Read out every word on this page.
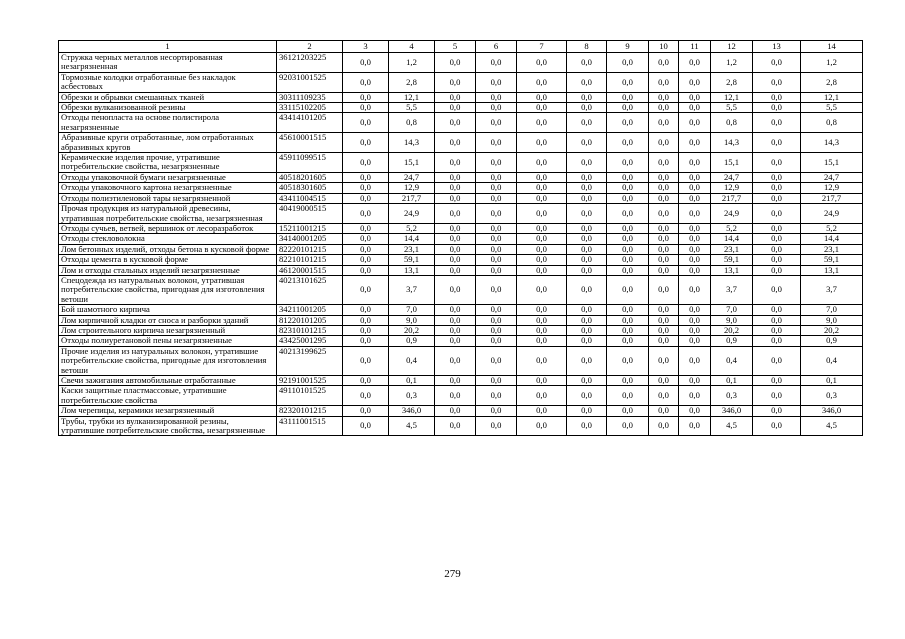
1	2	3	4	5	6	7	8	9	10	11	12	13	14
Стружка черных металлов несортированная незагрязненная	36121203225	0,0	1,2	0,0	0,0	0,0	0,0	0,0	0,0	0,0	1,2	0,0	1,2
Тормозные колодки отработанные без накладок асбестовых	92031001525	0,0	2,8	0,0	0,0	0,0	0,0	0,0	0,0	0,0	2,8	0,0	2,8
Обрезки и обрывки смешанных тканей	30311109235	0,0	12,1	0,0	0,0	0,0	0,0	0,0	0,0	0,0	12,1	0,0	12,1
Обрезки вулканизованной резины	33115102205	0,0	5,5	0,0	0,0	0,0	0,0	0,0	0,0	0,0	5,5	0,0	5,5
Отходы пенопласта на основе полистирола незагрязненные	43414101205	0,0	0,8	0,0	0,0	0,0	0,0	0,0	0,0	0,0	0,8	0,0	0,8
Абразивные круги отработанные, лом отработанных абразивных кругов	45610001515	0,0	14,3	0,0	0,0	0,0	0,0	0,0	0,0	0,0	14,3	0,0	14,3
Керамические изделия прочие, утратившие потребительские свойства, незагрязненные	45911099515	0,0	15,1	0,0	0,0	0,0	0,0	0,0	0,0	0,0	15,1	0,0	15,1
Отходы упаковочной бумаги незагрязненные	40518201605	0,0	24,7	0,0	0,0	0,0	0,0	0,0	0,0	0,0	24,7	0,0	24,7
Отходы упаковочного картона незагрязненные	40518301605	0,0	12,9	0,0	0,0	0,0	0,0	0,0	0,0	0,0	12,9	0,0	12,9
Отходы полиэтиленовой тары незагрязненной	43411004515	0,0	217,7	0,0	0,0	0,0	0,0	0,0	0,0	0,0	217,7	0,0	217,7
Прочая продукция из натуральной древесины, утратившая потребительские свойства, незагрязненная	40419000515	0,0	24,9	0,0	0,0	0,0	0,0	0,0	0,0	0,0	24,9	0,0	24,9
Отходы сучьев, ветвей, вершинок от лесоразработок	15211001215	0,0	5,2	0,0	0,0	0,0	0,0	0,0	0,0	0,0	5,2	0,0	5,2
Отходы стекловолокна	34140001205	0,0	14,4	0,0	0,0	0,0	0,0	0,0	0,0	0,0	14,4	0,0	14,4
Лом бетонных изделий, отходы бетона в кусковой форме	82220101215	0,0	23,1	0,0	0,0	0,0	0,0	0,0	0,0	0,0	23,1	0,0	23,1
Отходы цемента в кусковой форме	82210101215	0,0	59,1	0,0	0,0	0,0	0,0	0,0	0,0	0,0	59,1	0,0	59,1
Лом и отходы стальных изделий незагрязненные	46120001515	0,0	13,1	0,0	0,0	0,0	0,0	0,0	0,0	0,0	13,1	0,0	13,1
Спецодежда из натуральных волокон, утратившая потребительские свойства, пригодная для изготовления ветоши	40213101625	0,0	3,7	0,0	0,0	0,0	0,0	0,0	0,0	0,0	3,7	0,0	3,7
Бой шамотного кирпича	34211001205	0,0	7,0	0,0	0,0	0,0	0,0	0,0	0,0	0,0	7,0	0,0	7,0
Лом кирпичной кладки от сноса и разборки зданий	81220101205	0,0	9,0	0,0	0,0	0,0	0,0	0,0	0,0	0,0	9,0	0,0	9,0
Лом строительного кирпича незагрязненный	82310101215	0,0	20,2	0,0	0,0	0,0	0,0	0,0	0,0	0,0	20,2	0,0	20,2
Отходы полиуретановой пены незагрязненные	43425001295	0,0	0,9	0,0	0,0	0,0	0,0	0,0	0,0	0,0	0,9	0,0	0,9
Прочие изделия из натуральных волокон, утратившие потребительские свойства, пригодные для изготовления ветоши	40213199625	0,0	0,4	0,0	0,0	0,0	0,0	0,0	0,0	0,0	0,4	0,0	0,4
Свечи зажигания автомобильные отработанные	92191001525	0,0	0,1	0,0	0,0	0,0	0,0	0,0	0,0	0,0	0,1	0,0	0,1
Каски защитные пластмассовые, утратившие потребительские свойства	49110101525	0,0	0,3	0,0	0,0	0,0	0,0	0,0	0,0	0,0	0,3	0,0	0,3
Лом черепицы, керамики незагрязненный	82320101215	0,0	346,0	0,0	0,0	0,0	0,0	0,0	0,0	0,0	346,0	0,0	346,0
Трубы, трубки из вулканизированной резины, утратившие потребительские свойства, незагрязненные	43111001515	0,0	4,5	0,0	0,0	0,0	0,0	0,0	0,0	0,0	4,5	0,0	4,5
279
